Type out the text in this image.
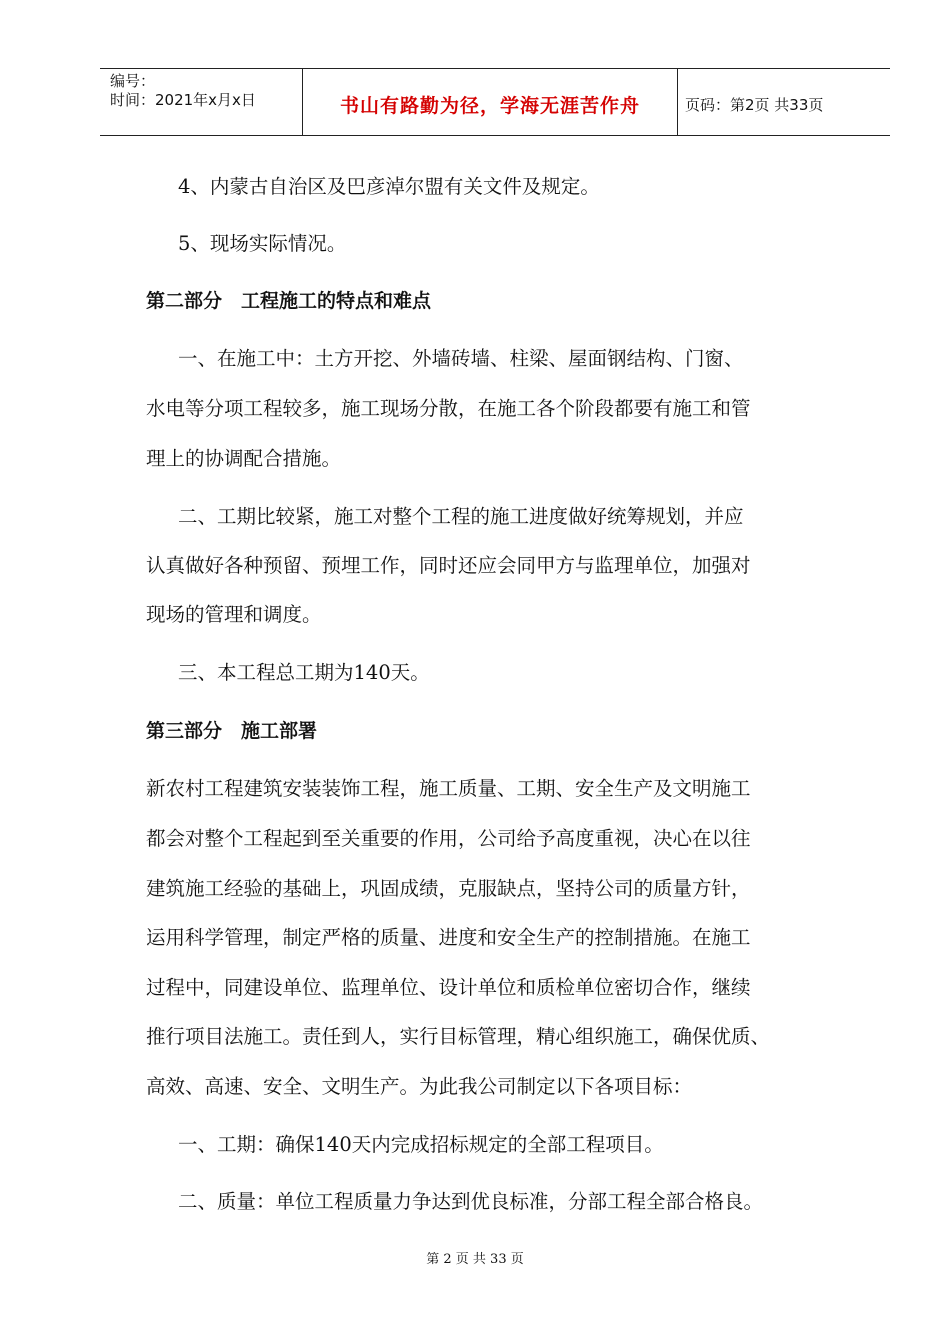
编号：
时间：2021年x月x日	书山有路勤为径，学海无涯苦作舟	页码：第2页 共33页
4、内蒙古自治区及巴彦淖尔盟有关文件及规定。
5、现场实际情况。
第二部分　工程施工的特点和难点
一、在施工中：土方开挖、外墙砖墙、柱梁、屋面钢结构、门窗、
水电等分项工程较多，施工现场分散，在施工各个阶段都要有施工和管
理上的协调配合措施。
二、工期比较紧，施工对整个工程的施工进度做好统筹规划，并应
认真做好各种预留、预埋工作，同时还应会同甲方与监理单位，加强对
现场的管理和调度。
三、本工程总工期为140天。
第三部分　施工部署
新农村工程建筑安装装饰工程，施工质量、工期、安全生产及文明施工
都会对整个工程起到至关重要的作用，公司给予高度重视，决心在以往
建筑施工经验的基础上，巩固成绩，克服缺点，坚持公司的质量方针，
运用科学管理，制定严格的质量、进度和安全生产的控制措施。在施工
过程中，同建设单位、监理单位、设计单位和质检单位密切合作，继续
推行项目法施工。责任到人，实行目标管理，精心组织施工，确保优质、
高效、高速、安全、文明生产。为此我公司制定以下各项目标：
一、工期：确保140天内完成招标规定的全部工程项目。
二、质量：单位工程质量力争达到优良标准，分部工程全部合格良。
第 2 页 共 33 页
